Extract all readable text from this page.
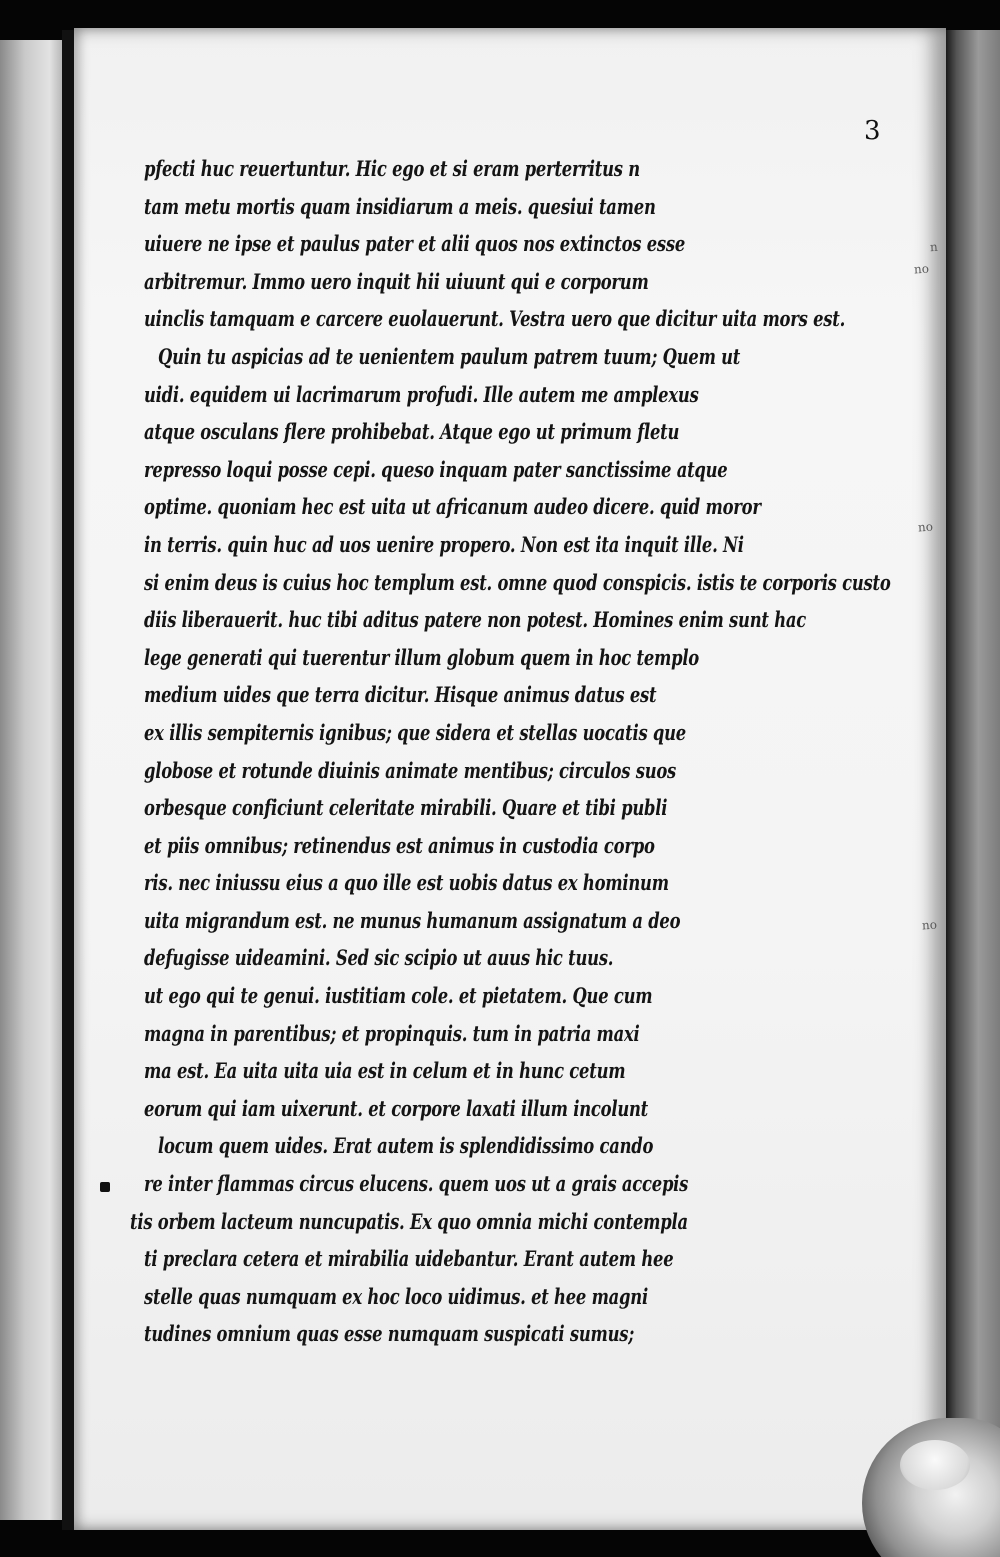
3
pfecti huc reuertuntur. Hic ego et si eram perterritus n
tam metu mortis quam insidiarum a meis. quesiui tamen
uiuere ne ipse et paulus pater et alii quos nos extinctos esse
arbitremur. Immo uero inquit hii uiuunt qui e corporum
uinclis tamquam e carcere euolauerunt. Vestra uero que dicitur uita mors est.
Quin tu aspicias ad te uenientem paulum patrem tuum; Quem ut
uidi. equidem ui lacrimarum profudi. Ille autem me amplexus
atque osculans flere prohibebat. Atque ego ut primum fletu
represso loqui posse cepi. queso inquam pater sanctissime atque
optime. quoniam hec est uita ut africanum audeo dicere. quid moror
in terris. quin huc ad uos uenire propero. Non est ita inquit ille. Ni
si enim deus is cuius hoc templum est. omne quod conspicis. istis te corporis custo
diis liberauerit. huc tibi aditus patere non potest. Homines enim sunt hac
lege generati qui tuerentur illum globum quem in hoc templo
medium uides que terra dicitur. Hisque animus datus est
ex illis sempiternis ignibus; que sidera et stellas uocatis que
globose et rotunde diuinis animate mentibus; circulos suos
orbesque conficiunt celeritate mirabili. Quare et tibi publi
et piis omnibus; retinendus est animus in custodia corpo
ris. nec iniussu eius a quo ille est uobis datus ex hominum
uita migrandum est. ne munus humanum assignatum a deo
defugisse uideamini. Sed sic scipio ut auus hic tuus.
ut ego qui te genui. iustitiam cole. et pietatem. Que cum
magna in parentibus; et propinquis. tum in patria maxi
ma est. Ea uita uita uia est in celum et in hunc cetum
eorum qui iam uixerunt. et corpore laxati illum incolunt
locum quem uides. Erat autem is splendidissimo cando
re inter flammas circus elucens. quem uos ut a grais accepis
tis orbem lacteum nuncupatis. Ex quo omnia michi contempla
ti preclara cetera et mirabilia uidebantur. Erant autem hee
stelle quas numquam ex hoc loco uidimus. et hee magni
tudines omnium quas esse numquam suspicati sumus;
n
no
no
no
